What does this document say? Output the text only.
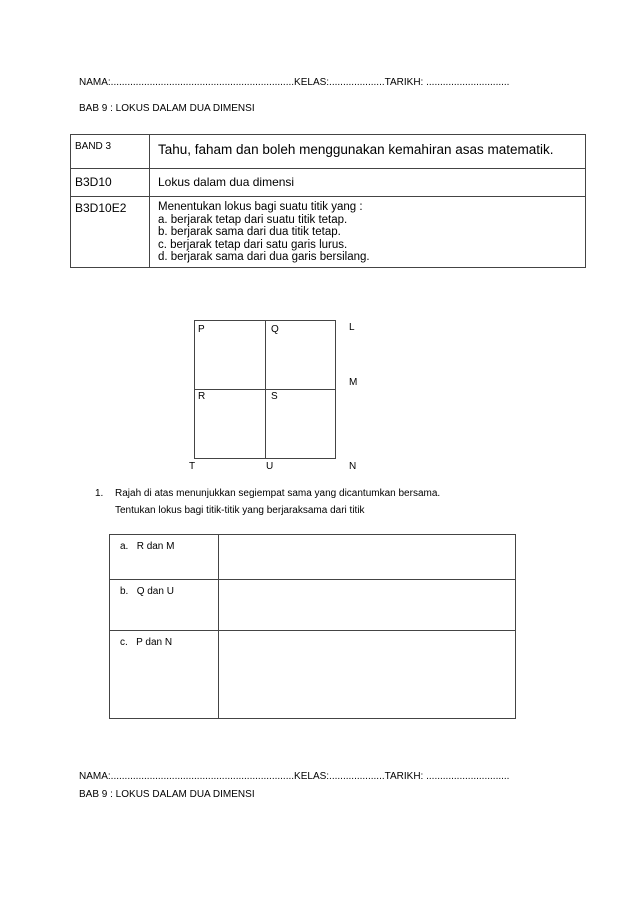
NAMA:..................................................................KELAS:....................TARIKH: ..............................
BAB 9 : LOKUS DALAM DUA DIMENSI
BAND 3	Tahu, faham dan boleh menggunakan kemahiran asas matematik.
B3D10	Lokus dalam dua dimensi
B3D10E2	Menentukan lokus bagi suatu titik yang :
a. berjarak tetap dari suatu titik tetap.
b. berjarak sama dari dua titik tetap.
c. berjarak tetap dari satu garis lurus.
d. berjarak sama dari dua garis bersilang.
P	Q
R	S
T	U
L
M
N
1. Rajah di atas menunjukkan segiempat sama yang dicantumkan bersama.
Tentukan lokus bagi titik-titik yang berjaraksama dari titik
a. R dan M	
b. Q dan U	
c. P dan N	
NAMA:..................................................................KELAS:....................TARIKH: ..............................
BAB 9 : LOKUS DALAM DUA DIMENSI
